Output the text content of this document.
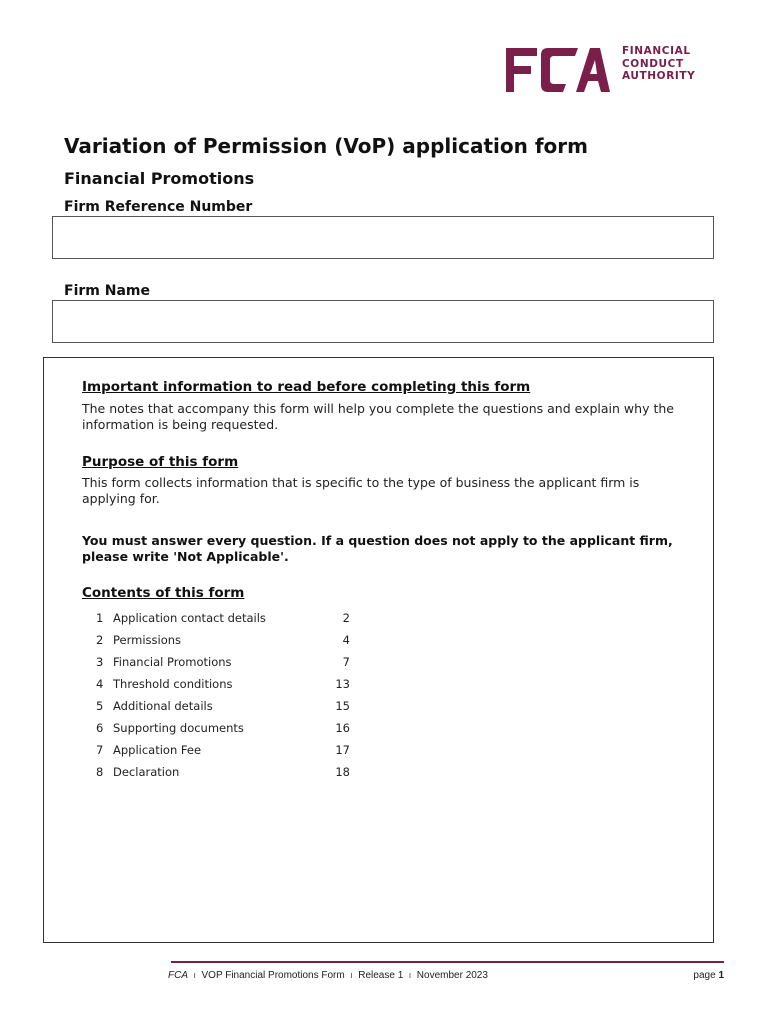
FINANCIAL
CONDUCT
AUTHORITY
Variation of Permission (VoP) application form
Financial Promotions
Firm Reference Number
Firm Name
Important information to read before completing this form
The notes that accompany this form will help you complete the questions and explain why the information is being requested.
Purpose of this form
This form collects information that is specific to the type of business the applicant firm is applying for.
You must answer every question. If a question does not apply to the applicant firm, please write 'Not Applicable'.
Contents of this form
1 Application contact details	2
2 Permissions	4
3 Financial Promotions	7
4 Threshold conditions	13
5 Additional details	15
6 Supporting documents	16
7 Application Fee	17
8 Declaration	18
FCA I VOP Financial Promotions Form I Release 1 I November 2023	page 1
